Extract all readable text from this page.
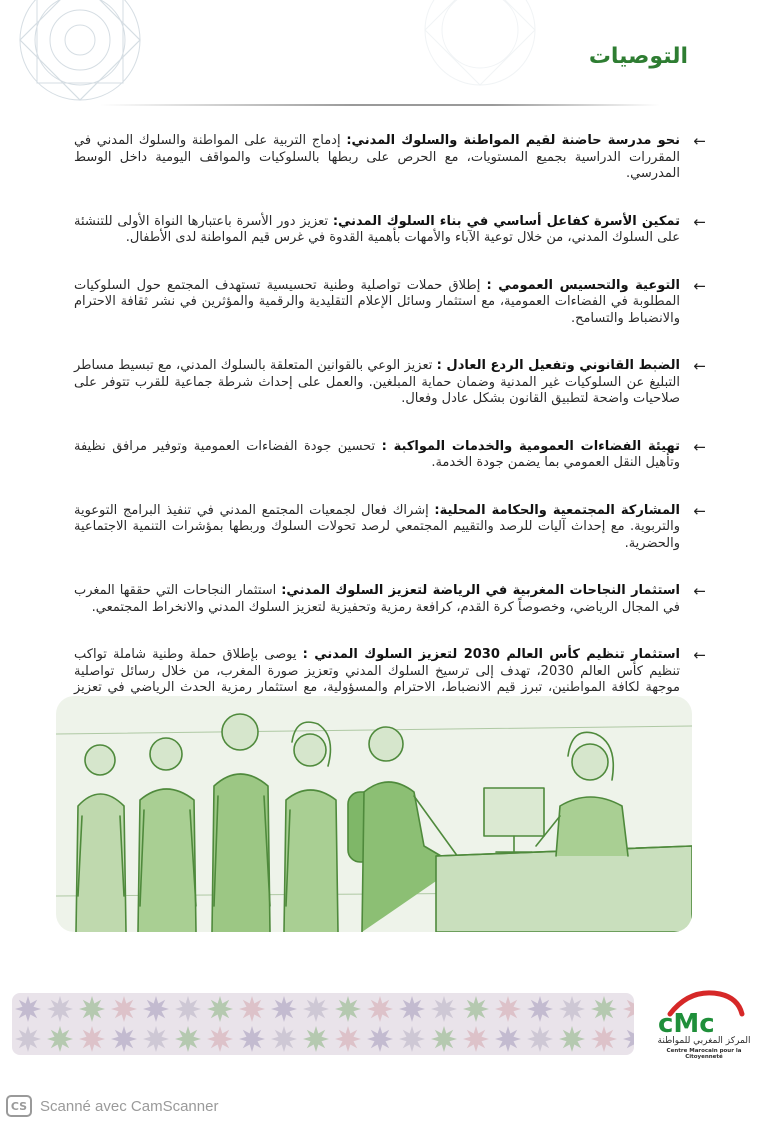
التوصيات
←
نحو مدرسة حاضنة لقيم المواطنة والسلوك المدني: إدماج التربية على المواطنة والسلوك المدني في المقررات الدراسية بجميع المستويات، مع الحرص على ربطها بالسلوكيات والمواقف اليومية داخل الوسط المدرسي.
←
تمكين الأسرة كفاعل أساسي في بناء السلوك المدني: تعزيز دور الأسرة باعتبارها النواة الأولى للتنشئة على السلوك المدني، من خلال توعية الآباء والأمهات بأهمية القدوة في غرس قيم المواطنة لدى الأطفال.
←
التوعية والتحسيس العمومي : إطلاق حملات تواصلية وطنية تحسيسية تستهدف المجتمع حول السلوكيات المطلوبة في الفضاءات العمومية، مع استثمار وسائل الإعلام التقليدية والرقمية والمؤثرين في نشر ثقافة الاحترام والانضباط والتسامح.
←
الضبط القانوني وتفعيل الردع العادل : تعزيز الوعي بالقوانين المتعلقة بالسلوك المدني، مع تبسيط مساطر التبليغ عن السلوكيات غير المدنية وضمان حماية المبلغين. والعمل على إحداث شرطة جماعية للقرب تتوفر على صلاحيات واضحة لتطبيق القانون بشكل عادل وفعال.
←
تهيئة الفضاءات العمومية والخدمات المواكبة : تحسين جودة الفضاءات العمومية وتوفير مرافق نظيفة وتأهيل النقل العمومي بما يضمن جودة الخدمة.
←
المشاركة المجتمعية والحكامة المحلية: إشراك فعال لجمعيات المجتمع المدني في تنفيذ البرامج التوعوية والتربوية. مع إحداث آليات للرصد والتقييم المجتمعي لرصد تحولات السلوك وربطها بمؤشرات التنمية الاجتماعية والحضرية.
←
استثمار النجاحات المغربية في الرياضة لتعزيز السلوك المدني: استثمار النجاحات التي حققها المغرب في المجال الرياضي، وخصوصاً كرة القدم، كرافعة رمزية وتحفيزية لتعزيز السلوك المدني والانخراط المجتمعي.
←
استثمار تنظيم كأس العالم 2030 لتعزيز السلوك المدني : يوصى بإطلاق حملة وطنية شاملة تواكب تنظيم كأس العالم 2030، تهدف إلى ترسيخ السلوك المدني وتعزيز صورة المغرب، من خلال رسائل تواصلية موجهة لكافة المواطنين، تبرز قيم الانضباط، الاحترام والمسؤولية، مع استثمار رمزية الحدث الرياضي في تعزيز
cMc
المركز المغربي للمواطنة
Centre Marocain pour la Citoyenneté
CS Scanné avec CamScanner
